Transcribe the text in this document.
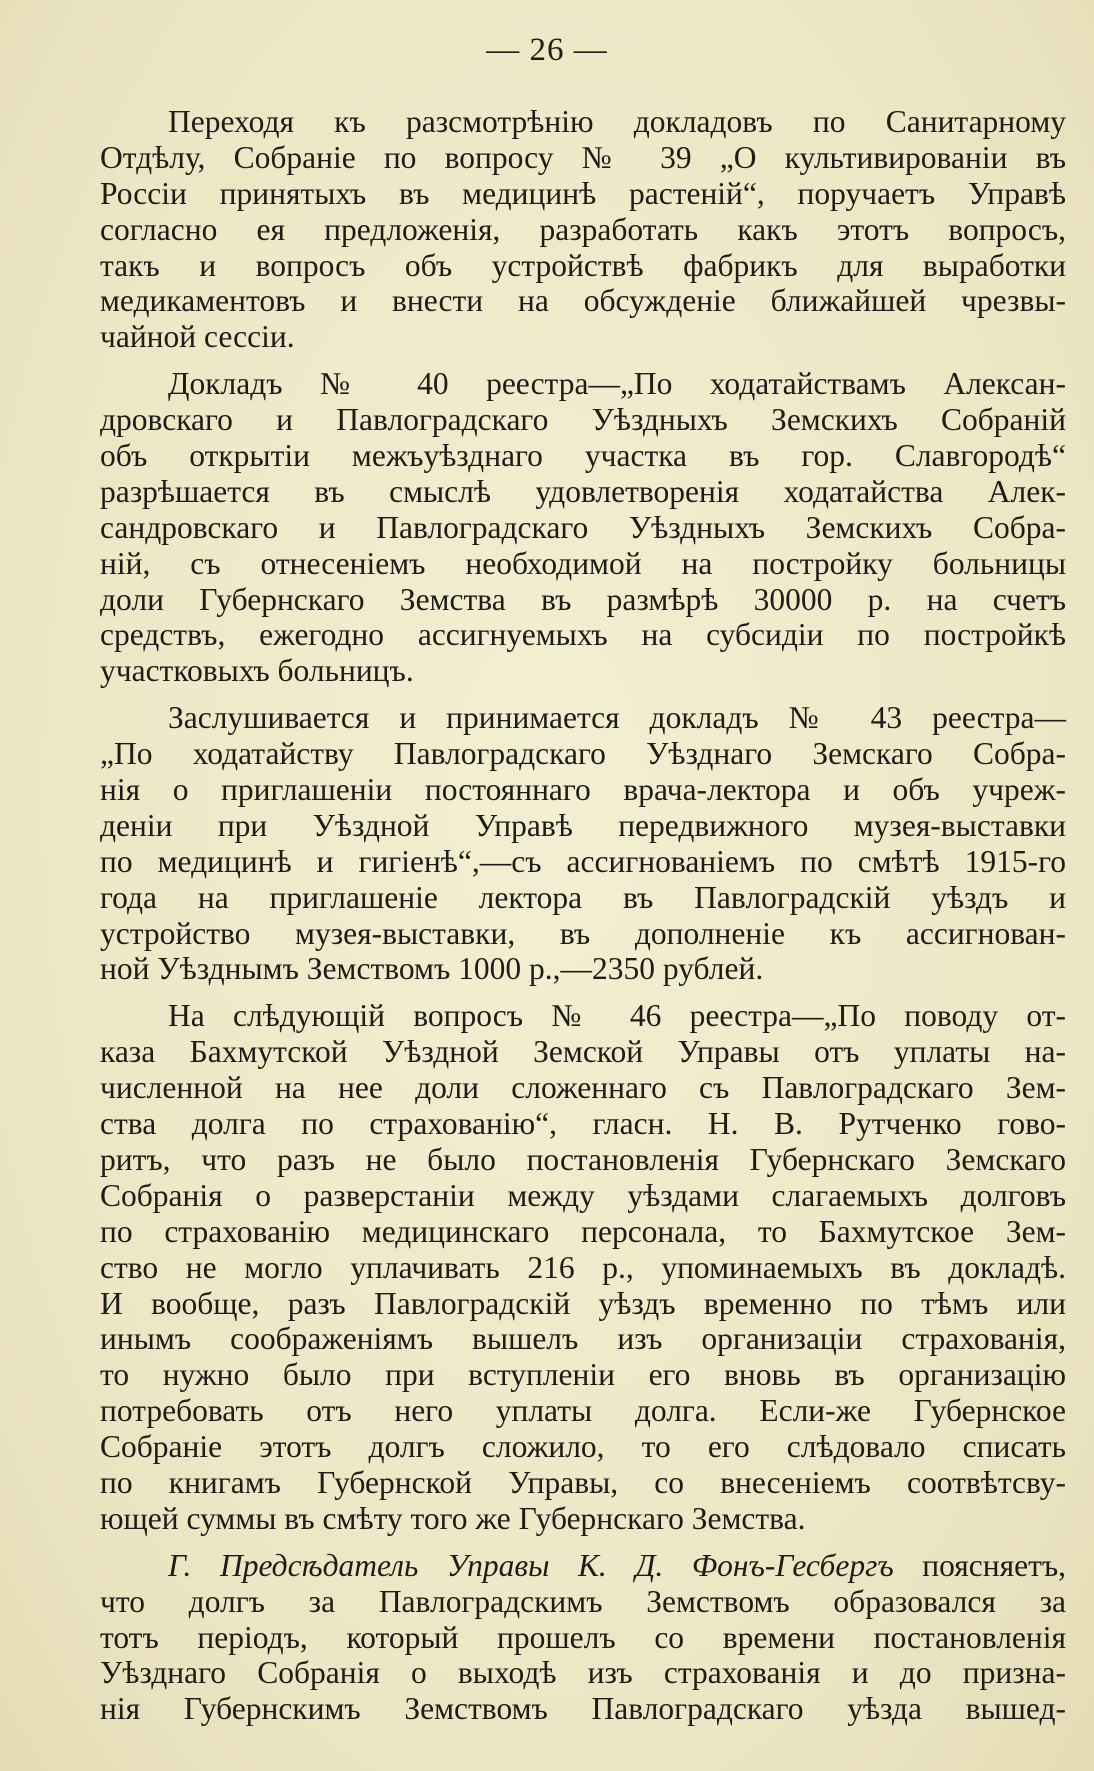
— 26 —
Переходя къ разсмотрѣнію докладовъ по Санитарному
Отдѣлу, Собраніе по вопросу № 39 „О культивированіи въ
Россіи принятыхъ въ медицинѣ растеній“, поручаетъ Управѣ
согласно ея предложенія, разработать какъ этотъ вопросъ,
такъ и вопросъ объ устройствѣ фабрикъ для выработки
медикаментовъ и внести на обсужденіе ближайшей чрезвы-
чайной сессіи.
Докладъ № 40 реестра—„По ходатайствамъ Алексан-
дровскаго и Павлоградскаго Уѣздныхъ Земскихъ Собраній
объ открытіи межъуѣзднаго участка въ гор. Славгородѣ“
разрѣшается въ смыслѣ удовлетворенія ходатайства Алек-
сандровскаго и Павлоградскаго Уѣздныхъ Земскихъ Собра-
ній, съ отнесеніемъ необходимой на постройку больницы
доли Губернскаго Земства въ размѣрѣ 30000 р. на счетъ
средствъ, ежегодно ассигнуемыхъ на субсидіи по постройкѣ
участковыхъ больницъ.
Заслушивается и принимается докладъ № 43 реестра—
„По ходатайству Павлоградскаго Уѣзднаго Земскаго Собра-
нія о приглашеніи постояннаго врача-лектора и объ учреж-
деніи при Уѣздной Управѣ передвижного музея-выставки
по медицинѣ и гигіенѣ“,—съ ассигнованіемъ по смѣтѣ 1915-го
года на приглашеніе лектора въ Павлоградскій уѣздъ и
устройство музея-выставки, въ дополненіе къ ассигнован-
ной Уѣзднымъ Земствомъ 1000 р.,—2350 рублей.
На слѣдующій вопросъ № 46 реестра—„По поводу от-
каза Бахмутской Уѣздной Земской Управы отъ уплаты на-
численной на нее доли сложеннаго съ Павлоградскаго Зем-
ства долга по страхованію“, гласн. Н. В. Рутченко гово-
ритъ, что разъ не было постановленія Губернскаго Земскаго
Собранія о разверстаніи между уѣздами слагаемыхъ долговъ
по страхованію медицинскаго персонала, то Бахмутское Зем-
ство не могло уплачивать 216 р., упоминаемыхъ въ докладѣ.
И вообще, разъ Павлоградскій уѣздъ временно по тѣмъ или
инымъ соображеніямъ вышелъ изъ организаціи страхованія,
то нужно было при вступленіи его вновь въ организацію
потребовать отъ него уплаты долга. Если-же Губернское
Собраніе этотъ долгъ сложило, то его слѣдовало списать
по книгамъ Губернской Управы, со внесеніемъ соотвѣтсву-
ющей суммы въ смѣту того же Губернскаго Земства.
Г. Предсѣдатель Управы К. Д. Фонъ-Гесбергъ поясняетъ,
что долгъ за Павлоградскимъ Земствомъ образовался за
тотъ періодъ, который прошелъ со времени постановленія
Уѣзднаго Собранія о выходѣ изъ страхованія и до призна-
нія Губернскимъ Земствомъ Павлоградскаго уѣзда вышед-
